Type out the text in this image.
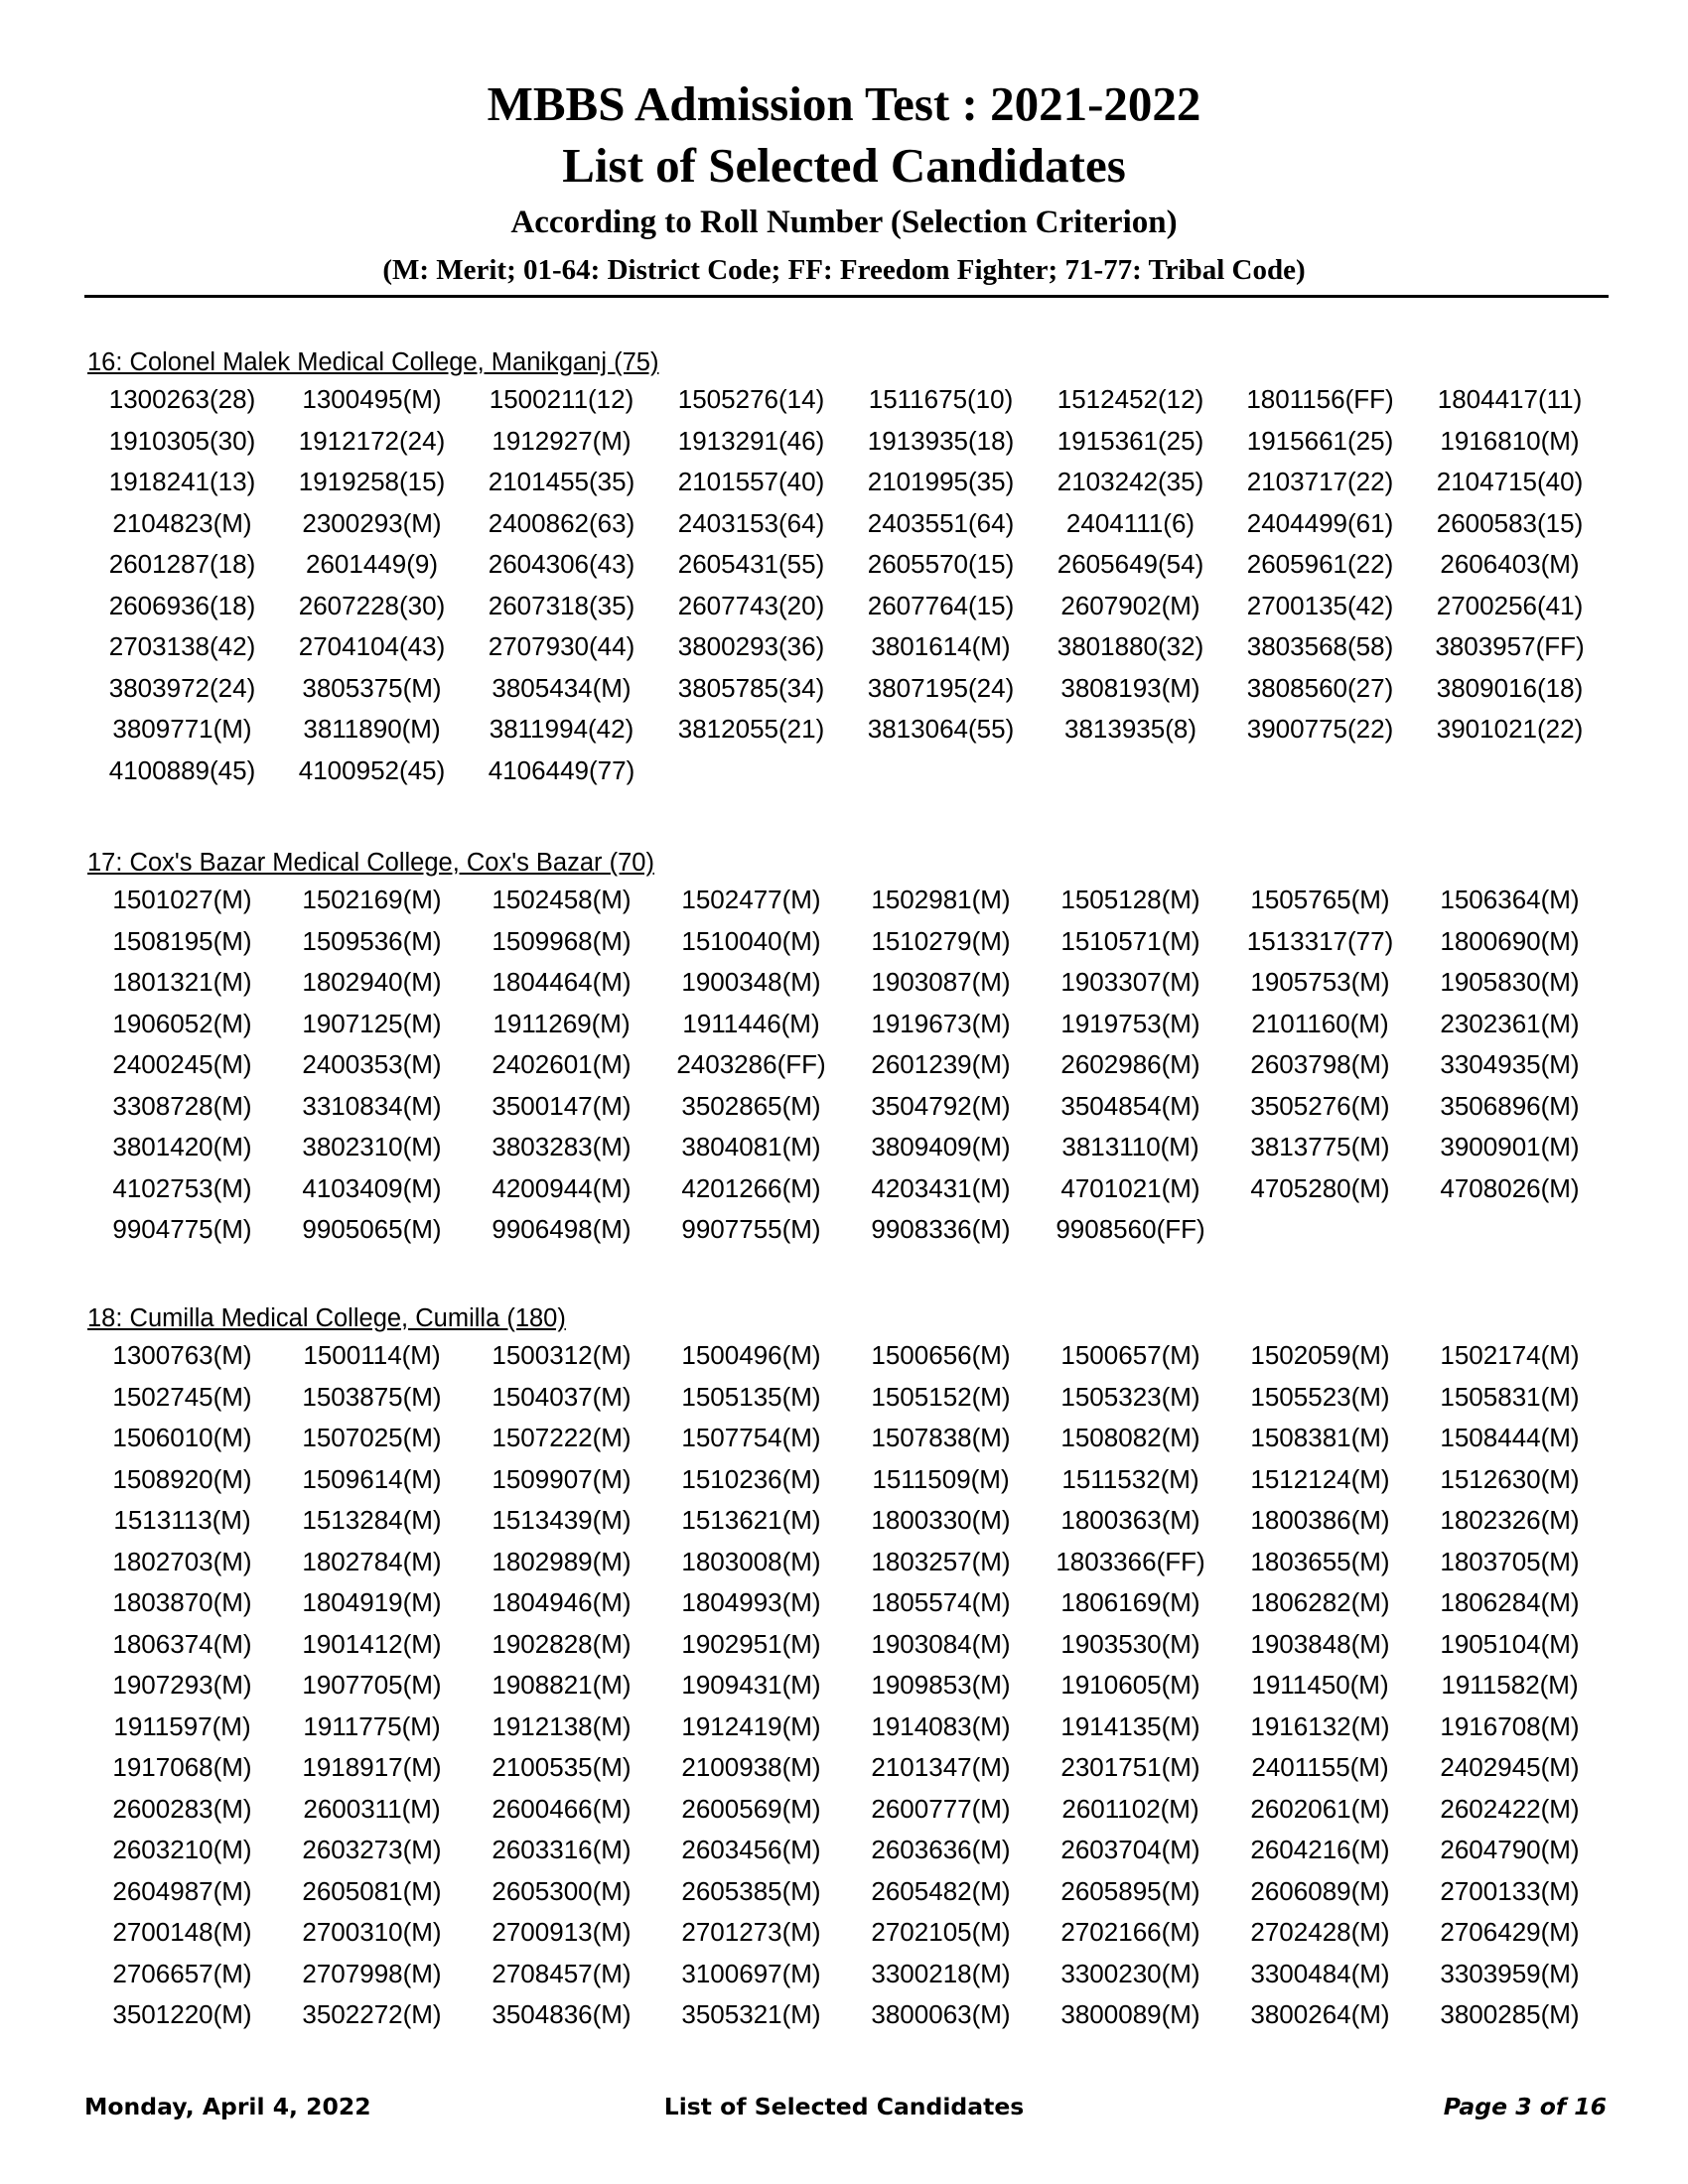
MBBS Admission Test : 2021-2022
List of Selected Candidates
According to Roll Number (Selection Criterion)
(M: Merit; 01-64: District Code; FF: Freedom Fighter; 71-77: Tribal Code)
16: Colonel Malek Medical College, Manikganj (75)
1300263(28)	1300495(M)	1500211(12)	1505276(14)	1511675(10)	1512452(12)	1801156(FF)	1804417(11)
1910305(30)	1912172(24)	1912927(M)	1913291(46)	1913935(18)	1915361(25)	1915661(25)	1916810(M)
1918241(13)	1919258(15)	2101455(35)	2101557(40)	2101995(35)	2103242(35)	2103717(22)	2104715(40)
2104823(M)	2300293(M)	2400862(63)	2403153(64)	2403551(64)	2404111(6)	2404499(61)	2600583(15)
2601287(18)	2601449(9)	2604306(43)	2605431(55)	2605570(15)	2605649(54)	2605961(22)	2606403(M)
2606936(18)	2607228(30)	2607318(35)	2607743(20)	2607764(15)	2607902(M)	2700135(42)	2700256(41)
2703138(42)	2704104(43)	2707930(44)	3800293(36)	3801614(M)	3801880(32)	3803568(58)	3803957(FF)
3803972(24)	3805375(M)	3805434(M)	3805785(34)	3807195(24)	3808193(M)	3808560(27)	3809016(18)
3809771(M)	3811890(M)	3811994(42)	3812055(21)	3813064(55)	3813935(8)	3900775(22)	3901021(22)
4100889(45)	4100952(45)	4106449(77)
17: Cox's Bazar Medical College, Cox's Bazar (70)
1501027(M)	1502169(M)	1502458(M)	1502477(M)	1502981(M)	1505128(M)	1505765(M)	1506364(M)
1508195(M)	1509536(M)	1509968(M)	1510040(M)	1510279(M)	1510571(M)	1513317(77)	1800690(M)
1801321(M)	1802940(M)	1804464(M)	1900348(M)	1903087(M)	1903307(M)	1905753(M)	1905830(M)
1906052(M)	1907125(M)	1911269(M)	1911446(M)	1919673(M)	1919753(M)	2101160(M)	2302361(M)
2400245(M)	2400353(M)	2402601(M)	2403286(FF)	2601239(M)	2602986(M)	2603798(M)	3304935(M)
3308728(M)	3310834(M)	3500147(M)	3502865(M)	3504792(M)	3504854(M)	3505276(M)	3506896(M)
3801420(M)	3802310(M)	3803283(M)	3804081(M)	3809409(M)	3813110(M)	3813775(M)	3900901(M)
4102753(M)	4103409(M)	4200944(M)	4201266(M)	4203431(M)	4701021(M)	4705280(M)	4708026(M)
9904775(M)	9905065(M)	9906498(M)	9907755(M)	9908336(M)	9908560(FF)
18: Cumilla Medical College, Cumilla (180)
1300763(M)	1500114(M)	1500312(M)	1500496(M)	1500656(M)	1500657(M)	1502059(M)	1502174(M)
1502745(M)	1503875(M)	1504037(M)	1505135(M)	1505152(M)	1505323(M)	1505523(M)	1505831(M)
1506010(M)	1507025(M)	1507222(M)	1507754(M)	1507838(M)	1508082(M)	1508381(M)	1508444(M)
1508920(M)	1509614(M)	1509907(M)	1510236(M)	1511509(M)	1511532(M)	1512124(M)	1512630(M)
1513113(M)	1513284(M)	1513439(M)	1513621(M)	1800330(M)	1800363(M)	1800386(M)	1802326(M)
1802703(M)	1802784(M)	1802989(M)	1803008(M)	1803257(M)	1803366(FF)	1803655(M)	1803705(M)
1803870(M)	1804919(M)	1804946(M)	1804993(M)	1805574(M)	1806169(M)	1806282(M)	1806284(M)
1806374(M)	1901412(M)	1902828(M)	1902951(M)	1903084(M)	1903530(M)	1903848(M)	1905104(M)
1907293(M)	1907705(M)	1908821(M)	1909431(M)	1909853(M)	1910605(M)	1911450(M)	1911582(M)
1911597(M)	1911775(M)	1912138(M)	1912419(M)	1914083(M)	1914135(M)	1916132(M)	1916708(M)
1917068(M)	1918917(M)	2100535(M)	2100938(M)	2101347(M)	2301751(M)	2401155(M)	2402945(M)
2600283(M)	2600311(M)	2600466(M)	2600569(M)	2600777(M)	2601102(M)	2602061(M)	2602422(M)
2603210(M)	2603273(M)	2603316(M)	2603456(M)	2603636(M)	2603704(M)	2604216(M)	2604790(M)
2604987(M)	2605081(M)	2605300(M)	2605385(M)	2605482(M)	2605895(M)	2606089(M)	2700133(M)
2700148(M)	2700310(M)	2700913(M)	2701273(M)	2702105(M)	2702166(M)	2702428(M)	2706429(M)
2706657(M)	2707998(M)	2708457(M)	3100697(M)	3300218(M)	3300230(M)	3300484(M)	3303959(M)
3501220(M)	3502272(M)	3504836(M)	3505321(M)	3800063(M)	3800089(M)	3800264(M)	3800285(M)
Monday, April 4, 2022	List of Selected Candidates	Page 3 of 16
